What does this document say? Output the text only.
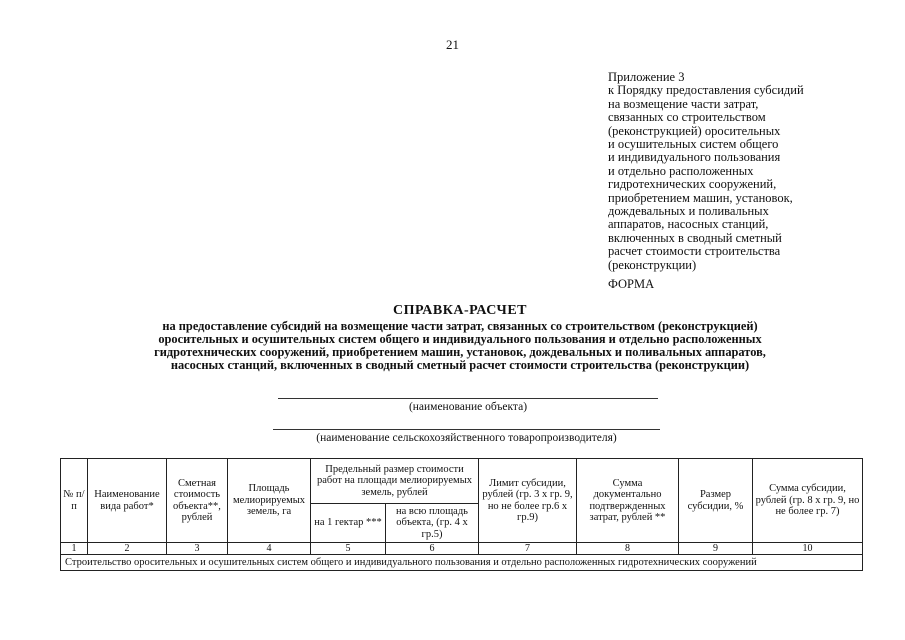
21
Приложение 3
к Порядку предоставления субсидий
на возмещение части затрат,
связанных со строительством
(реконструкцией) оросительных
и осушительных систем общего
и индивидуального пользования
и отдельно расположенных
гидротехнических сооружений,
приобретением машин, установок,
дождевальных и поливальных
аппаратов, насосных станций,
включенных в сводный сметный
расчет стоимости строительства
(реконструкции)
ФОРМА
СПРАВКА-РАСЧЕТ
на предоставление субсидий на возмещение части затрат, связанных со строительством (реконструкцией)
оросительных и осушительных систем общего и индивидуального пользования и отдельно расположенных
гидротехнических сооружений, приобретением машин, установок, дождевальных и поливальных аппаратов,
насосных станций, включенных в сводный сметный расчет стоимости строительства (реконструкции)
(наименование объекта)
(наименование сельскохозяйственного товаропроизводителя)
№ п/п	Наименование вида работ*	Сметная стоимость объекта**, рублей	Площадь мелиорируемых земель, га	Предельный размер стоимости работ на площади мелиорируемых земель, рублей		Лимит субсидии, рублей (гр. 3 х гр. 9, но не более гр.6 х гр.9)	Сумма документально подтвержденных затрат, рублей **	Размер субсидии, %	Сумма субсидии, рублей (гр. 8 х гр. 9, но не более гр. 7)
				на 1 гектар ***	на всю площадь объекта, (гр. 4 х гр.5)				
1	2	3	4	5	6	7	8	9	10
Строительство оросительных и осушительных систем общего и индивидуального пользования и отдельно расположенных гидротехнических сооружений									
